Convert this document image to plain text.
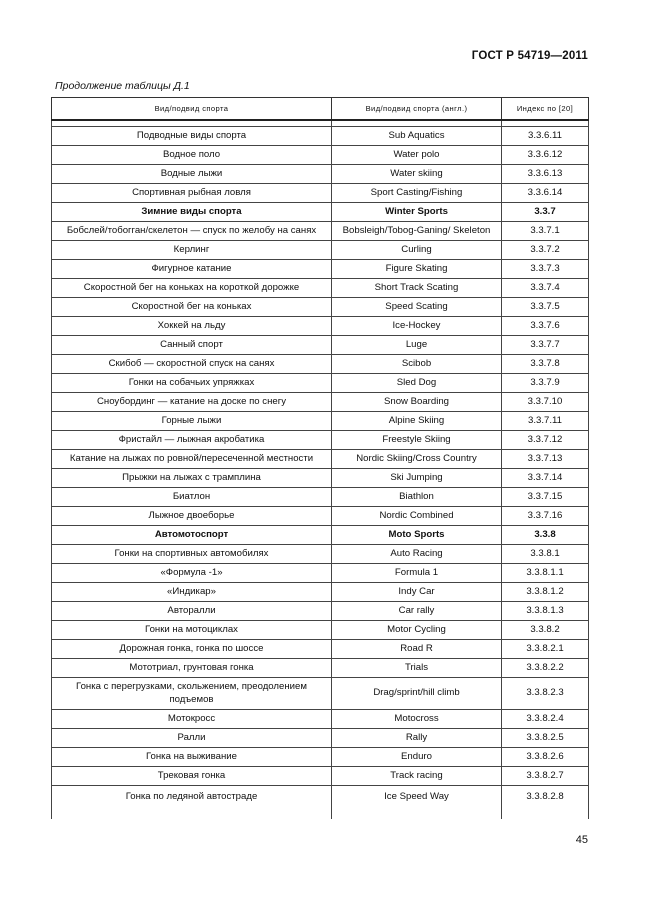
ГОСТ Р 54719—2011
Продолжение таблицы Д.1
Вид/подвид спорта	Вид/подвид спорта (англ.)	Индекс по [20]

Подводные виды спорта	Sub Aquatics	3.3.6.11
Водное поло	Water polo	3.3.6.12
Водные лыжи	Water skiing	3.3.6.13
Спортивная рыбная ловля	Sport Casting/Fishing	3.3.6.14
Зимние виды спорта	Winter Sports	3.3.7
Бобслей/тобогган/скелетон — спуск по желобу на санях	Bobsleigh/Tobog-Ganing/ Skeleton	3.3.7.1
Керлинг	Curling	3.3.7.2
Фигурное катание	Figure Skating	3.3.7.3
Скоростной бег на коньках на короткой дорожке	Short Track Scating	3.3.7.4
Скоростной бег на коньках	Speed Scating	3.3.7.5
Хоккей на льду	Ice-Hockey	3.3.7.6
Санный спорт	Luge	3.3.7.7
Скибоб — скоростной спуск на санях	Scibob	3.3.7.8
Гонки на собачьих упряжках	Sled Dog	3.3.7.9
Сноубординг — катание на доске по снегу	Snow Boarding	3.3.7.10
Горные лыжи	Alpine Skiing	3.3.7.11
Фристайл — лыжная акробатика	Freestyle Skiing	3.3.7.12
Катание на лыжах по ровной/пересеченной местности	Nordic Skiing/Cross Country	3.3.7.13
Прыжки на лыжах с трамплина	Ski Jumping	3.3.7.14
Биатлон	Biathlon	3.3.7.15
Лыжное двоеборье	Nordic Combined	3.3.7.16
Автомотоспорт	Moto Sports	3.3.8
Гонки на спортивных автомобилях	Auto Racing	3.3.8.1
«Формула -1»	Formula 1	3.3.8.1.1
«Индикар»	Indy Car	3.3.8.1.2
Авторалли	Car rally	3.3.8.1.3
Гонки на мотоциклах	Motor Cycling	3.3.8.2
Дорожная гонка, гонка по шоссе	Road R	3.3.8.2.1
Мототриал, грунтовая гонка	Trials	3.3.8.2.2
Гонка с перегрузками, скольжением, преодолением подъемов	Drag/sprint/hill climb	3.3.8.2.3
Мотокросс	Motocross	3.3.8.2.4
Ралли	Rally	3.3.8.2.5
Гонка на выживание	Enduro	3.3.8.2.6
Трековая гонка	Track racing	3.3.8.2.7
Гонка по ледяной автостраде	Ice Speed Way	3.3.8.2.8
45
